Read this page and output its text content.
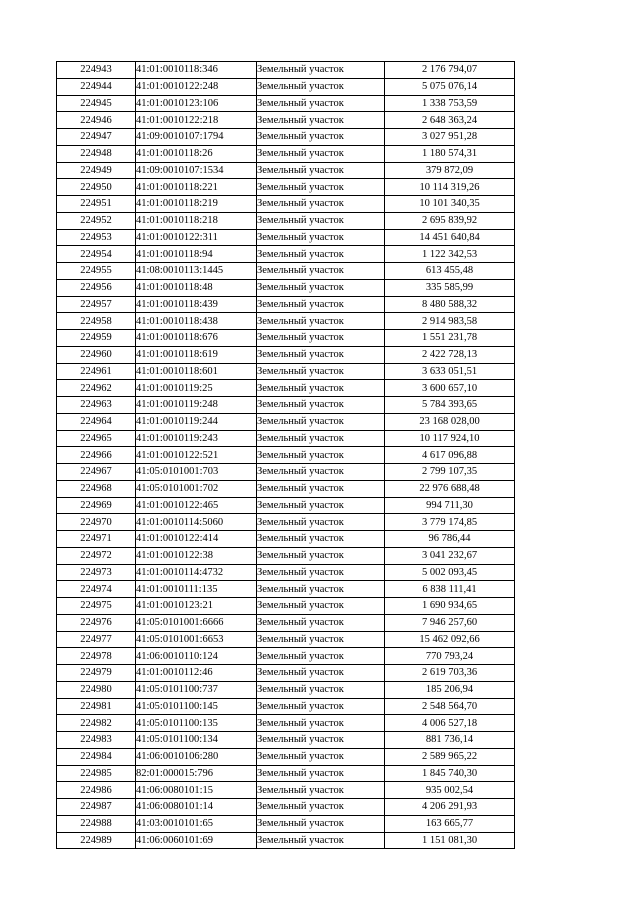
224943	41:01:0010118:346	Земельный участок	2 176 794,07
224944	41:01:0010122:248	Земельный участок	5 075 076,14
224945	41:01:0010123:106	Земельный участок	1 338 753,59
224946	41:01:0010122:218	Земельный участок	2 648 363,24
224947	41:09:0010107:1794	Земельный участок	3 027 951,28
224948	41:01:0010118:26	Земельный участок	1 180 574,31
224949	41:09:0010107:1534	Земельный участок	379 872,09
224950	41:01:0010118:221	Земельный участок	10 114 319,26
224951	41:01:0010118:219	Земельный участок	10 101 340,35
224952	41:01:0010118:218	Земельный участок	2 695 839,92
224953	41:01:0010122:311	Земельный участок	14 451 640,84
224954	41:01:0010118:94	Земельный участок	1 122 342,53
224955	41:08:0010113:1445	Земельный участок	613 455,48
224956	41:01:0010118:48	Земельный участок	335 585,99
224957	41:01:0010118:439	Земельный участок	8 480 588,32
224958	41:01:0010118:438	Земельный участок	2 914 983,58
224959	41:01:0010118:676	Земельный участок	1 551 231,78
224960	41:01:0010118:619	Земельный участок	2 422 728,13
224961	41:01:0010118:601	Земельный участок	3 633 051,51
224962	41:01:0010119:25	Земельный участок	3 600 657,10
224963	41:01:0010119:248	Земельный участок	5 784 393,65
224964	41:01:0010119:244	Земельный участок	23 168 028,00
224965	41:01:0010119:243	Земельный участок	10 117 924,10
224966	41:01:0010122:521	Земельный участок	4 617 096,88
224967	41:05:0101001:703	Земельный участок	2 799 107,35
224968	41:05:0101001:702	Земельный участок	22 976 688,48
224969	41:01:0010122:465	Земельный участок	994 711,30
224970	41:01:0010114:5060	Земельный участок	3 779 174,85
224971	41:01:0010122:414	Земельный участок	96 786,44
224972	41:01:0010122:38	Земельный участок	3 041 232,67
224973	41:01:0010114:4732	Земельный участок	5 002 093,45
224974	41:01:0010111:135	Земельный участок	6 838 111,41
224975	41:01:0010123:21	Земельный участок	1 690 934,65
224976	41:05:0101001:6666	Земельный участок	7 946 257,60
224977	41:05:0101001:6653	Земельный участок	15 462 092,66
224978	41:06:0010110:124	Земельный участок	770 793,24
224979	41:01:0010112:46	Земельный участок	2 619 703,36
224980	41:05:0101100:737	Земельный участок	185 206,94
224981	41:05:0101100:145	Земельный участок	2 548 564,70
224982	41:05:0101100:135	Земельный участок	4 006 527,18
224983	41:05:0101100:134	Земельный участок	881 736,14
224984	41:06:0010106:280	Земельный участок	2 589 965,22
224985	82:01:000015:796	Земельный участок	1 845 740,30
224986	41:06:0080101:15	Земельный участок	935 002,54
224987	41:06:0080101:14	Земельный участок	4 206 291,93
224988	41:03:0010101:65	Земельный участок	163 665,77
224989	41:06:0060101:69	Земельный участок	1 151 081,30
